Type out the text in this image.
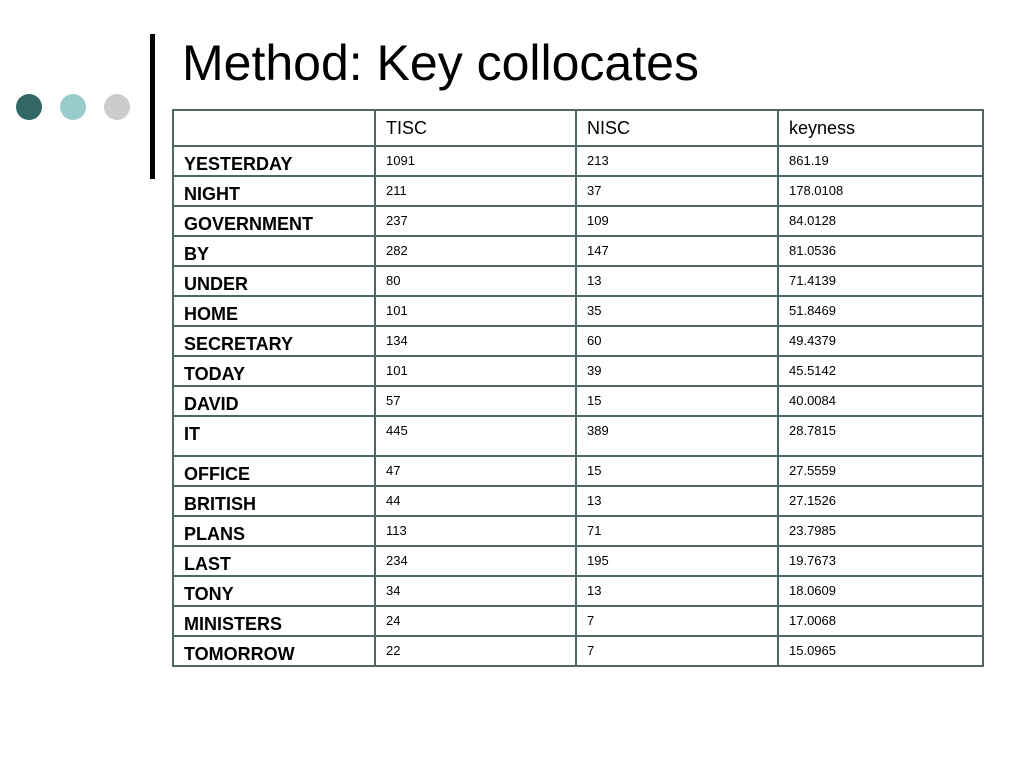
Method: Key collocates
	TISC	NISC	keyness
YESTERDAY	1091	213	861.19
NIGHT	211	37	178.0108
GOVERNMENT	237	109	84.0128
BY	282	147	81.0536
UNDER	80	13	71.4139
HOME	101	35	51.8469
SECRETARY	134	60	49.4379
TODAY	101	39	45.5142
DAVID	57	15	40.0084
IT	445	389	28.7815
OFFICE	47	15	27.5559
BRITISH	44	13	27.1526
PLANS	113	71	23.7985
LAST	234	195	19.7673
TONY	34	13	18.0609
MINISTERS	24	7	17.0068
TOMORROW	22	7	15.0965
